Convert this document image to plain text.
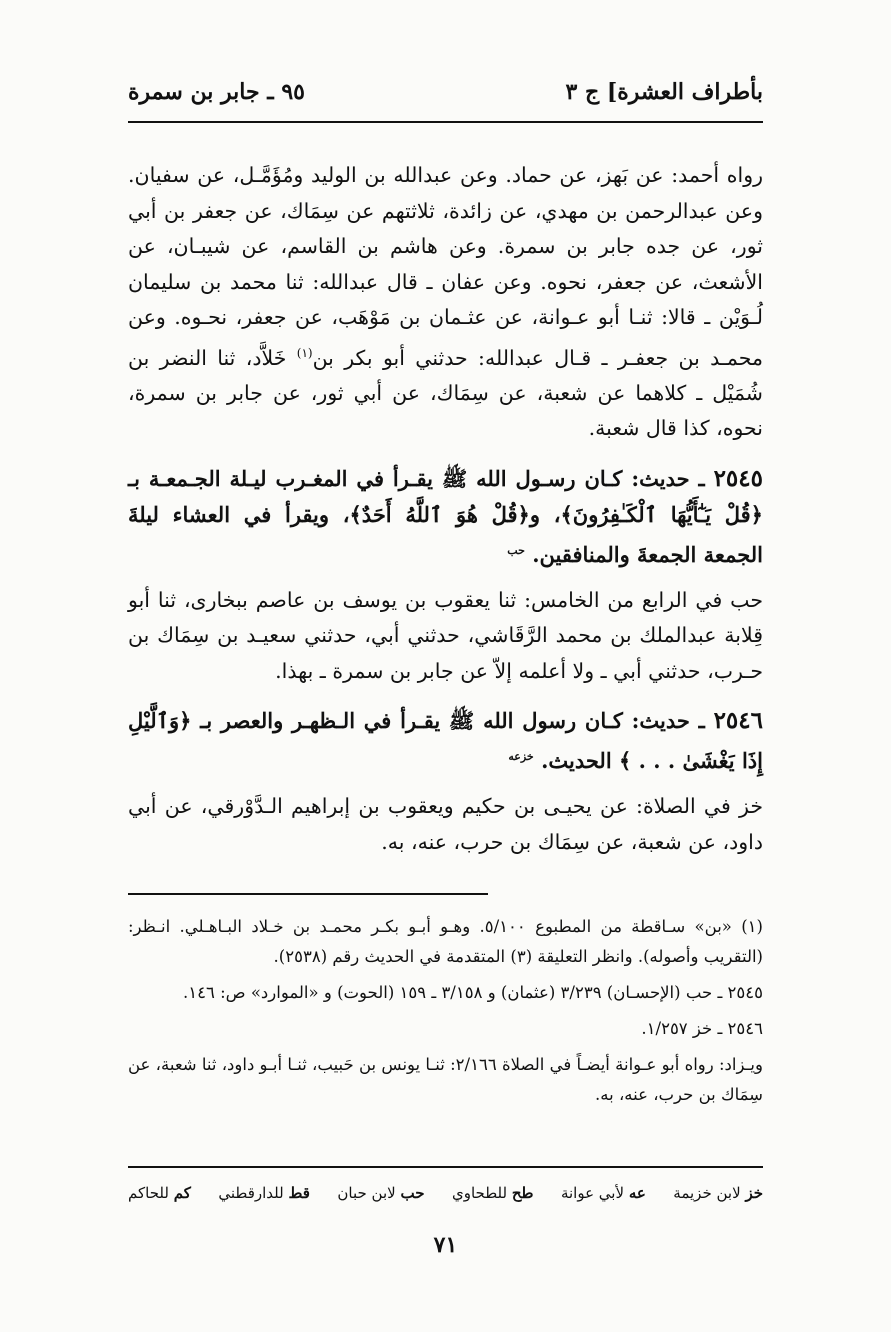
بأطراف العشرة] ج ٣
٩٥ ـ جابر بن سمرة

رواه أحمد: عن بَهز، عن حماد. وعن عبدالله بن الوليد ومُؤَمَّـل، عن سفيان. وعن عبدالرحمن بن مهدي، عن زائدة، ثلاثتهم عن سِمَاك، عن جعفر بن أبي ثور، عن جده جابر بن سمرة. وعن هاشم بن القاسم، عن شيبـان، عن الأشعث، عن جعفر، نحوه. وعن عفان ـ قال عبدالله: ثنا محمد بن سليمان لُـوَيْن ـ قالا: ثنـا أبو عـوانة، عن عثـمان بن مَوْهَب، عن جعفر، نحـوه. وعن محمـد بن جعفـر ـ قـال عبدالله: حدثني أبو بكر بن$^{(١)}$ خَلاَّد، ثنا النضر بن شُمَيْل ـ كلاهما عن شعبة، عن سِمَاك، عن أبي ثور، عن جابر بن سمرة، نحوه، كذا قال شعبة.

٢٥٤٥ ـ حديث: كـان رسـول الله ﷺ يقـرأ في المغـرب ليـلة الجـمعـة بـ ﴿قُلْ يَـٰٓأَيُّهَا ٱلْكَـٰفِرُونَ﴾، و﴿قُلْ هُوَ ٱللَّهُ أَحَدٌ﴾، ويقرأ في العشاء ليلةَ الجمعة الجمعةَ والمنافقين. $^{حب}$

حب في الرابع من الخامس: ثنا يعقوب بن يوسف بن عاصم ببخارى، ثنا أبو قِلابة عبدالملك بن محمد الرَّقَاشي، حدثني أبي، حدثني سعيـد بن سِمَاك بن حـرب، حدثني أبي ـ ولا أعلمه إلاّ عن جابر بن سمرة ـ بهذا.

٢٥٤٦ ـ حديث: كـان رسول الله ﷺ يقـرأ في الـظهـر والعصر بـ ﴿وَٱلَّيْلِ إِذَا يَغْشَىٰ . . . ﴾ الحديث. $^{خزعه}$

خز في الصلاة: عن يحيـى بن حكيم ويعقوب بن إبراهيم الـدَّوْرقي، عن أبي داود، عن شعبة، عن سِمَاك بن حرب، عنه، به.

(١) «بن» سـاقطة من المطبوع ٥/١٠٠. وهـو أبـو بكـر محمـد بن خـلاد البـاهـلي. انـظر: (التقريب وأصوله). وانظر التعليقة (٣) المتقدمة في الحديث رقم (٢٥٣٨).

٢٥٤٥ ـ حب (الإحسـان) ٣/٢٣٩ (عثمان) و ٣/١٥٨ ـ ١٥٩ (الحوت) و «الموارد» ص: ١٤٦.

٢٥٤٦ ـ خز ١/٢٥٧.

ويـزاد: رواه أبو عـوانة أيضـاً في الصلاة ٢/١٦٦: ثنـا يونس بن حَبيب، ثنـا أبـو داود، ثنا شعبة، عن سِمَاك بن حرب، عنه، به.

خز لابن خزيمة
عه لأبي عوانة
طح للطحاوي
حب لابن حبان
قط للدارقطني
كم للحاكم
٧١
